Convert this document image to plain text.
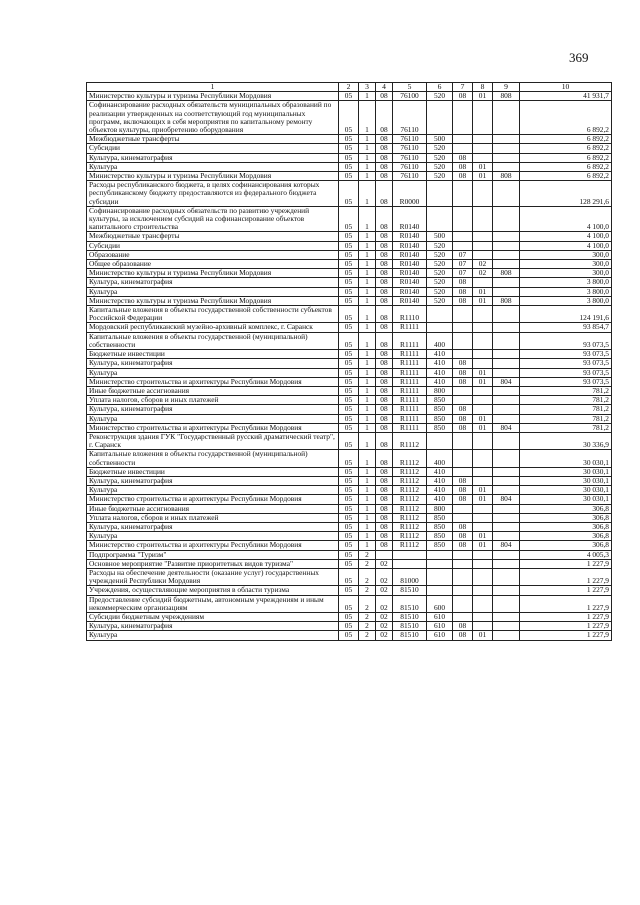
369
1	2	3	4	5	6	7	8	9	10
Министерство культуры и туризма Республики Мордовия	05	1	08	76100	520	08	01	808	41 931,7
Софинансирование расходных обязательств муниципальных образований по реализации утвержденных на соответствующий год муниципальных программ, включающих в себя мероприятия по капитальному ремонту объектов культуры, приобретению оборудования	05	1	08	76110					6 892,2
Межбюджетные трансферты	05	1	08	76110	500				6 892,2
Субсидии	05	1	08	76110	520				6 892,2
Культура, кинематография	05	1	08	76110	520	08			6 892,2
Культура	05	1	08	76110	520	08	01		6 892,2
Министерство культуры и туризма Республики Мордовия	05	1	08	76110	520	08	01	808	6 892,2
Расходы республиканского бюджета, в целях софинансирования которых республиканскому бюджету предоставляются из федерального бюджета субсидии	05	1	08	R0000					128 291,6
Софинансирование расходных обязательств по развитию учреждений культуры, за исключением субсидий на софинансирование объектов капитального строительства	05	1	08	R0140					4 100,0
Межбюджетные трансферты	05	1	08	R0140	500				4 100,0
Субсидии	05	1	08	R0140	520				4 100,0
Образование	05	1	08	R0140	520	07			300,0
Общее образование	05	1	08	R0140	520	07	02		300,0
Министерство культуры и туризма Республики Мордовия	05	1	08	R0140	520	07	02	808	300,0
Культура, кинематография	05	1	08	R0140	520	08			3 800,0
Культура	05	1	08	R0140	520	08	01		3 800,0
Министерство культуры и туризма Республики Мордовия	05	1	08	R0140	520	08	01	808	3 800,0
Капитальные вложения в объекты государственной собственности субъектов Российской Федерации	05	1	08	R1110					124 191,6
Мордовский республиканский музейно-архивный комплекс, г. Саранск	05	1	08	R1111					93 854,7
Капитальные вложения в объекты государственной (муниципальной) собственности	05	1	08	R1111	400				93 073,5
Бюджетные инвестиции	05	1	08	R1111	410				93 073,5
Культура, кинематография	05	1	08	R1111	410	08			93 073,5
Культура	05	1	08	R1111	410	08	01		93 073,5
Министерство строительства и архитектуры Республики Мордовия	05	1	08	R1111	410	08	01	804	93 073,5
Иные бюджетные ассигнования	05	1	08	R1111	800				781,2
Уплата налогов, сборов и иных платежей	05	1	08	R1111	850				781,2
Культура, кинематография	05	1	08	R1111	850	08			781,2
Культура	05	1	08	R1111	850	08	01		781,2
Министерство строительства и архитектуры Республики Мордовия	05	1	08	R1111	850	08	01	804	781,2
Реконструкция здания ГУК "Государственный русский драматический театр", г. Саранск	05	1	08	R1112					30 336,9
Капитальные вложения в объекты государственной (муниципальной) собственности	05	1	08	R1112	400				30 030,1
Бюджетные инвестиции	05	1	08	R1112	410				30 030,1
Культура, кинематография	05	1	08	R1112	410	08			30 030,1
Культура	05	1	08	R1112	410	08	01		30 030,1
Министерство строительства и архитектуры Республики Мордовия	05	1	08	R1112	410	08	01	804	30 030,1
Иные бюджетные ассигнования	05	1	08	R1112	800				306,8
Уплата налогов, сборов и иных платежей	05	1	08	R1112	850				306,8
Культура, кинематография	05	1	08	R1112	850	08			306,8
Культура	05	1	08	R1112	850	08	01		306,8
Министерство строительства и архитектуры Республики Мордовия	05	1	08	R1112	850	08	01	804	306,8
Подпрограмма "Туризм"	05	2							4 005,3
Основное мероприятие "Развитие приоритетных видов туризма"	05	2	02						1 227,9
Расходы на обеспечение деятельности (оказание услуг) государственных учреждений Республики Мордовия	05	2	02	81000					1 227,9
Учреждения, осуществляющие мероприятия в области туризма	05	2	02	81510					1 227,9
Предоставление субсидий бюджетным, автономным учреждениям и иным некоммерческим организациям	05	2	02	81510	600				1 227,9
Субсидии бюджетным учреждениям	05	2	02	81510	610				1 227,9
Культура, кинематография	05	2	02	81510	610	08			1 227,9
Культура	05	2	02	81510	610	08	01		1 227,9
